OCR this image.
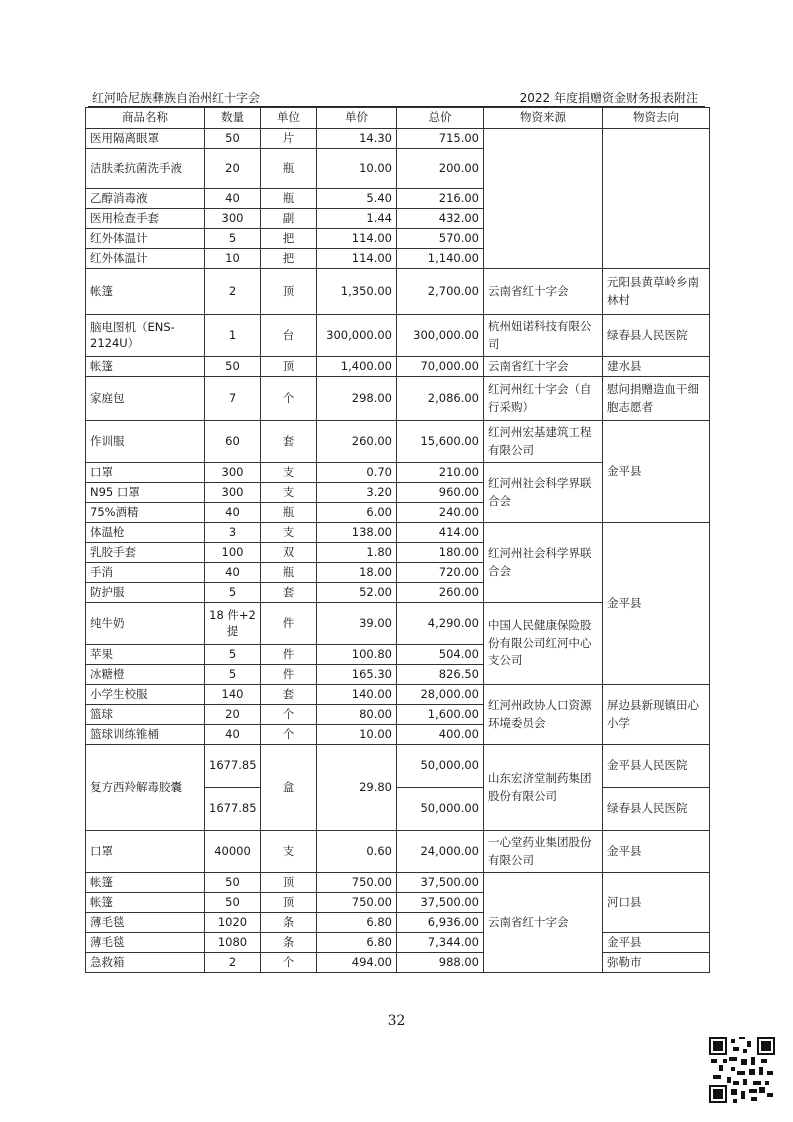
红河哈尼族彝族自治州红十字会	2022 年度捐赠资金财务报表附注
商品名称	数量	单位	单价	总价	物资来源	物资去向
医用隔离眼罩	50	片	14.30	715.00		
洁肤柔抗菌洗手液	20	瓶	10.00	200.00		
乙醇消毒液	40	瓶	5.40	216.00		
医用检查手套	300	副	1.44	432.00		
红外体温计	5	把	114.00	570.00		
红外体温计	10	把	114.00	1,140.00		
帐篷	2	顶	1,350.00	2,700.00	云南省红十字会	元阳县黄草岭乡南林村
脑电图机（ENS-2124U）	1	台	300,000.00	300,000.00	杭州妞诺科技有限公司	绿春县人民医院
帐篷	50	顶	1,400.00	70,000.00	云南省红十字会	建水县
家庭包	7	个	298.00	2,086.00	红河州红十字会（自行采购）	慰问捐赠造血干细胞志愿者
作训服	60	套	260.00	15,600.00	红河州宏基建筑工程有限公司	金平县
口罩	300	支	0.70	210.00	红河州社会科学界联合会	
N95 口罩	300	支	3.20	960.00		
75%酒精	40	瓶	6.00	240.00		
体温枪	3	支	138.00	414.00	红河州社会科学界联合会	金平县
乳胶手套	100	双	1.80	180.00		
手消	40	瓶	18.00	720.00		
防护服	5	套	52.00	260.00		
纯牛奶	18 件+2 提	件	39.00	4,290.00	中国人民健康保险股份有限公司红河中心支公司	
苹果	5	件	100.80	504.00		
冰糖橙	5	件	165.30	826.50		
小学生校服	140	套	140.00	28,000.00	红河州政协人口资源环境委员会	屏边县新现镇田心小学
篮球	20	个	80.00	1,600.00		
篮球训练锥桶	40	个	10.00	400.00		
复方西羚解毒胶囊	1677.85	盒	29.80	50,000.00	山东宏济堂制药集团股份有限公司	金平县人民医院
	1677.85			50,000.00		绿春县人民医院
口罩	40000	支	0.60	24,000.00	一心堂药业集团股份有限公司	金平县
帐篷	50	顶	750.00	37,500.00	云南省红十字会	河口县
帐篷	50	顶	750.00	37,500.00		
薄毛毯	1020	条	6.80	6,936.00		
薄毛毯	1080	条	6.80	7,344.00		金平县
急救箱	2	个	494.00	988.00		弥勒市
32
